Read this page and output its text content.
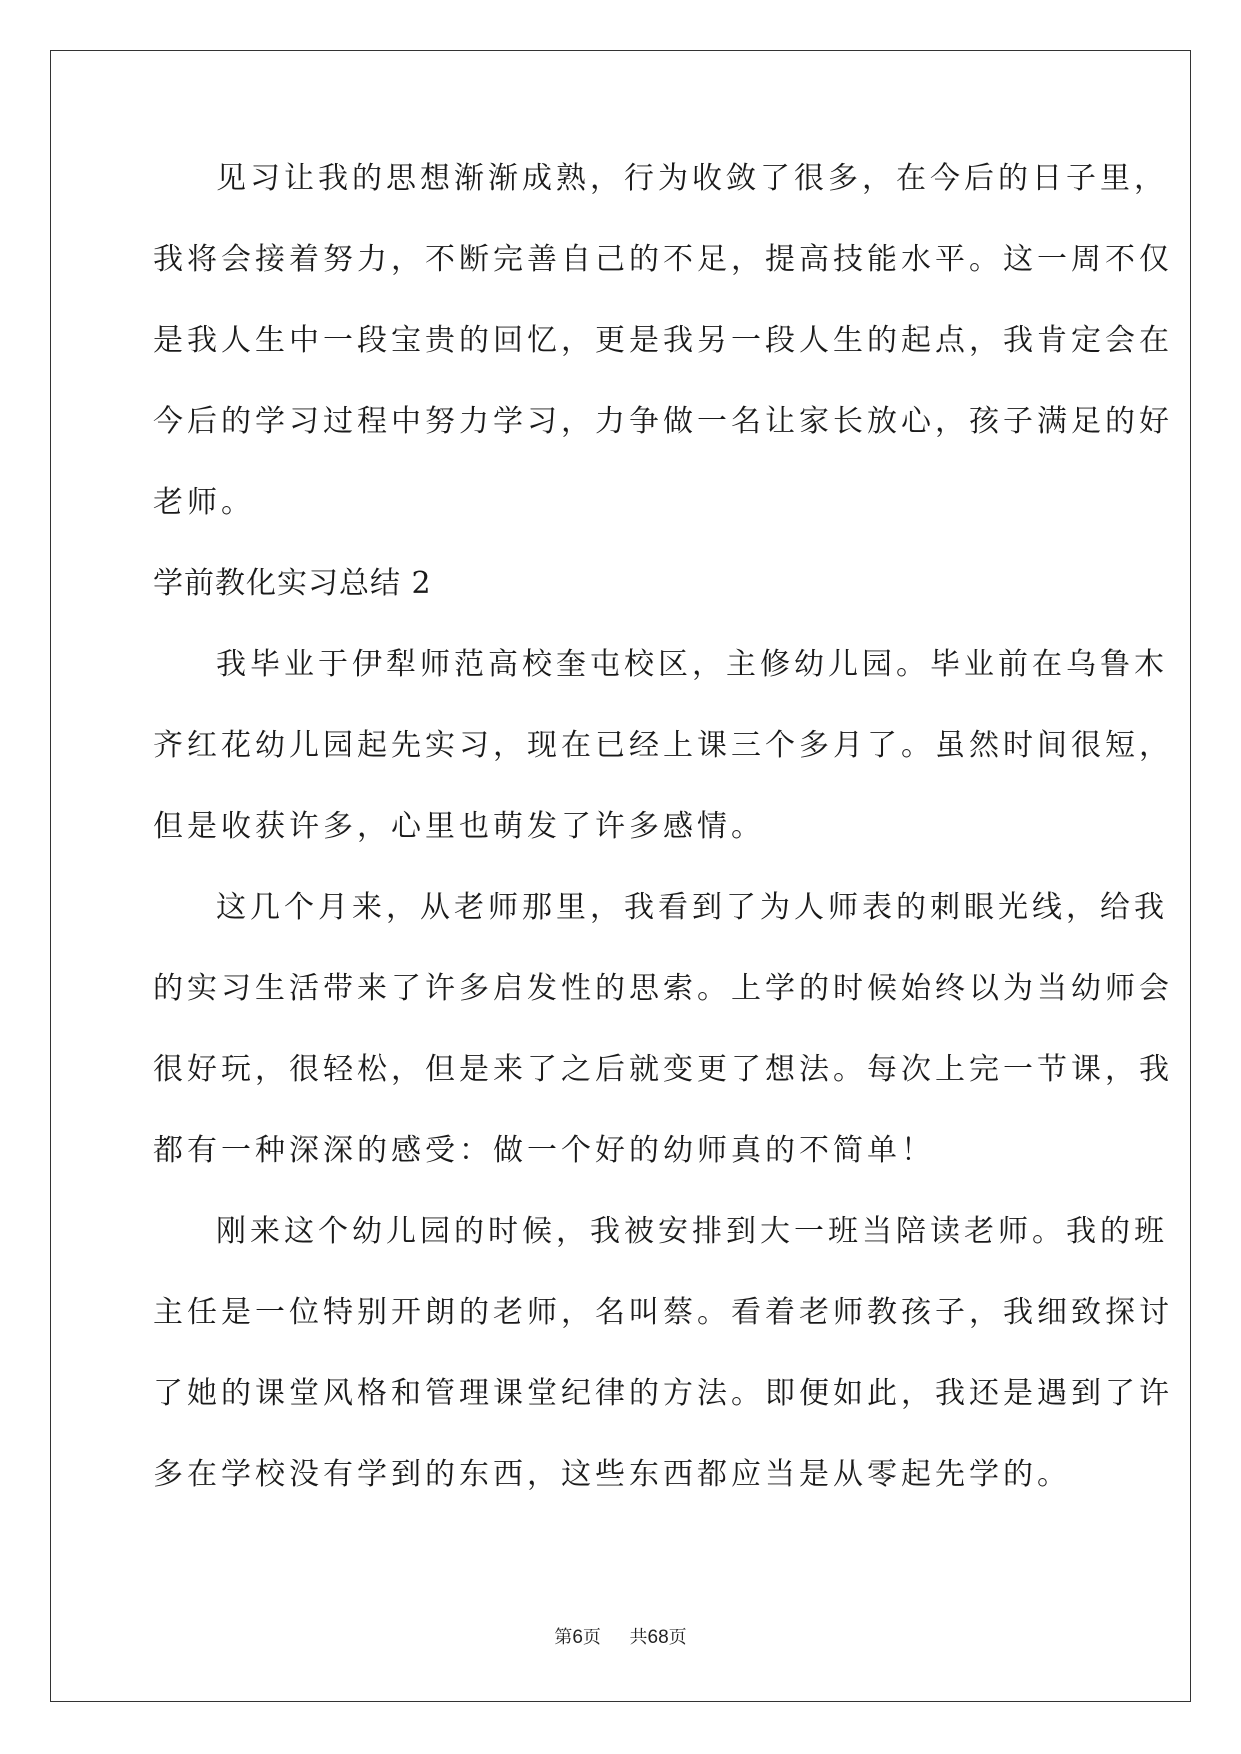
见习让我的思想渐渐成熟，行为收敛了很多，在今后的日子里，
我将会接着努力，不断完善自己的不足，提高技能水平。这一周不仅
是我人生中一段宝贵的回忆，更是我另一段人生的起点，我肯定会在
今后的学习过程中努力学习，力争做一名让家长放心，孩子满足的好
老师。
学前教化实习总结 2
我毕业于伊犁师范高校奎屯校区，主修幼儿园。毕业前在乌鲁木
齐红花幼儿园起先实习，现在已经上课三个多月了。虽然时间很短，
但是收获许多，心里也萌发了许多感情。
这几个月来，从老师那里，我看到了为人师表的刺眼光线，给我
的实习生活带来了许多启发性的思索。上学的时候始终以为当幼师会
很好玩，很轻松，但是来了之后就变更了想法。每次上完一节课，我
都有一种深深的感受：做一个好的幼师真的不简单！
刚来这个幼儿园的时候，我被安排到大一班当陪读老师。我的班
主任是一位特别开朗的老师，名叫蔡。看着老师教孩子，我细致探讨
了她的课堂风格和管理课堂纪律的方法。即便如此，我还是遇到了许
多在学校没有学到的东西，这些东西都应当是从零起先学的。
第6页 共68页
